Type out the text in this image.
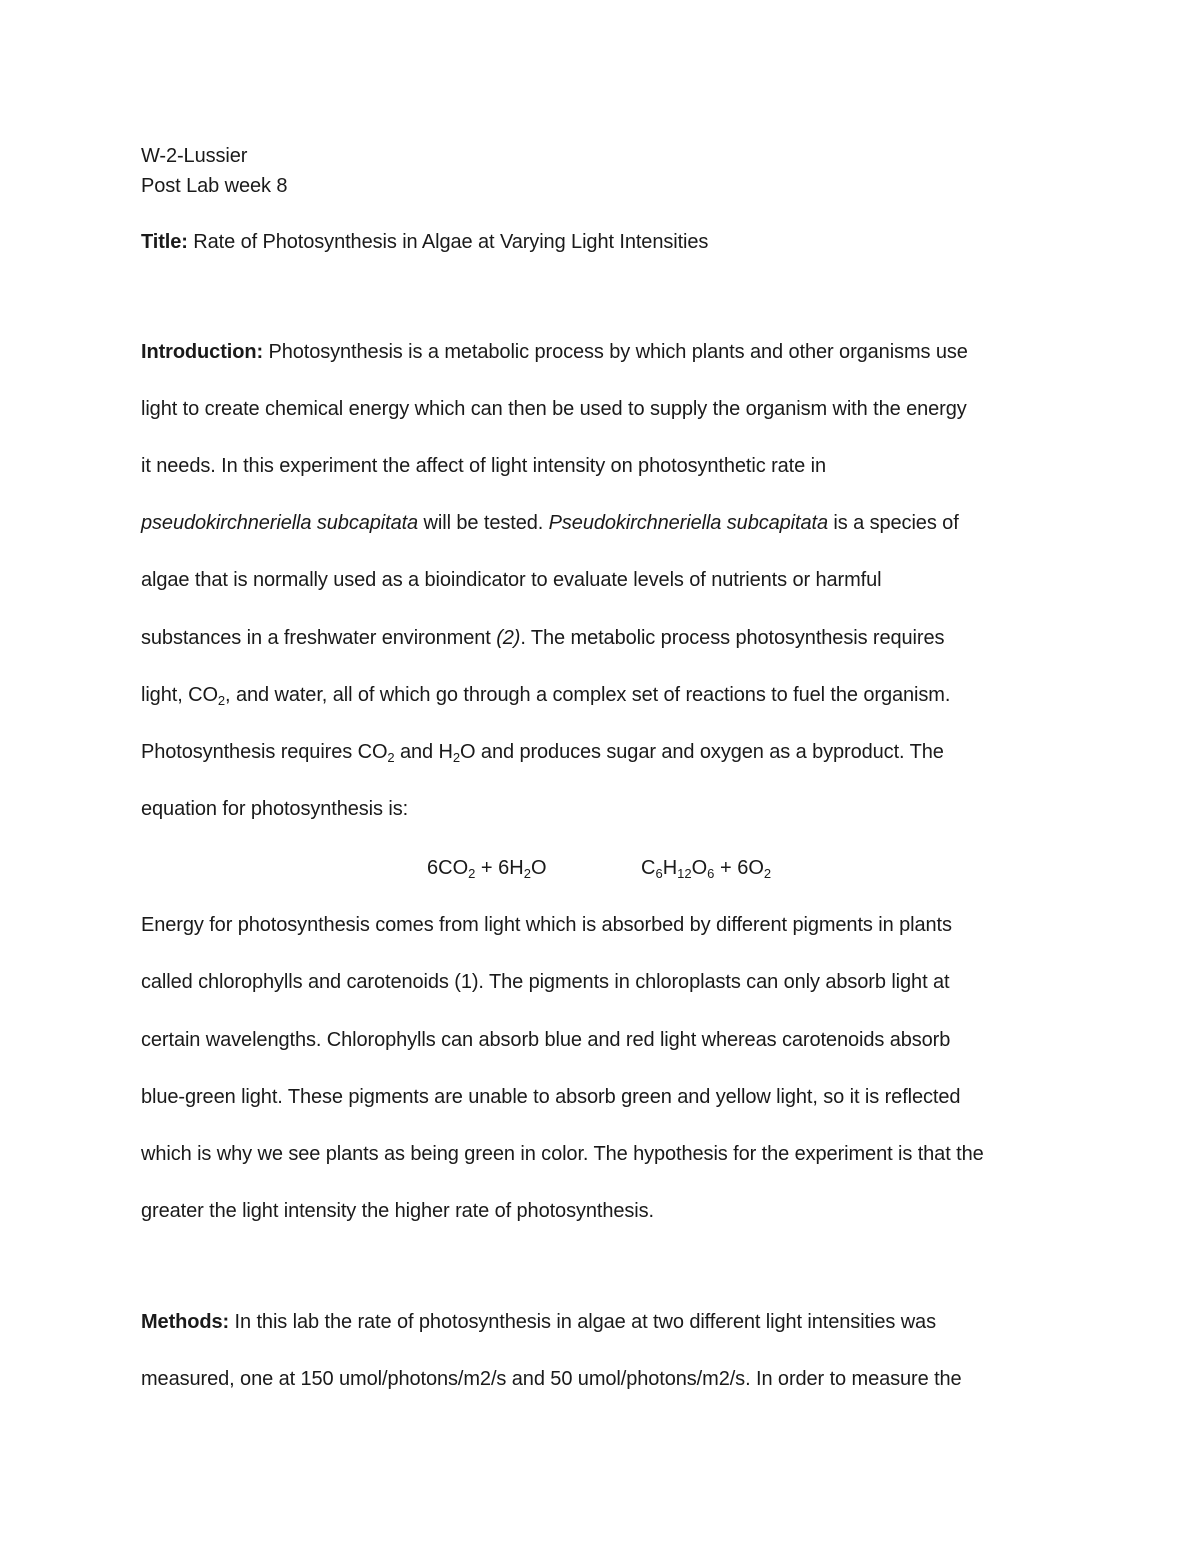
W-2-Lussier
Post Lab week 8
Title: Rate of Photosynthesis in Algae at Varying Light Intensities
Introduction: Photosynthesis is a metabolic process by which plants and other organisms use
light to create chemical energy which can then be used to supply the organism with the energy
it needs. In this experiment the affect of light intensity on photosynthetic rate in
pseudokirchneriella subcapitata will be tested. Pseudokirchneriella subcapitata is a species of
algae that is normally used as a bioindicator to evaluate levels of nutrients or harmful
substances in a freshwater environment (2). The metabolic process photosynthesis requires
light, $CO_2$, and water, all of which go through a complex set of reactions to fuel the organism.
Photosynthesis requires $CO_2$ and $H_2O$ and produces sugar and oxygen as a byproduct. The
equation for photosynthesis is:
$6CO_2 + 6H_2O$	$C_6H_{12}O_6 + 6O_2$
Energy for photosynthesis comes from light which is absorbed by different pigments in plants
called chlorophylls and carotenoids (1). The pigments in chloroplasts can only absorb light at
certain wavelengths. Chlorophylls can absorb blue and red light whereas carotenoids absorb
blue-green light. These pigments are unable to absorb green and yellow light, so it is reflected
which is why we see plants as being green in color. The hypothesis for the experiment is that the
greater the light intensity the higher rate of photosynthesis.
Methods: In this lab the rate of photosynthesis in algae at two different light intensities was
measured, one at 150 umol/photons/m2/s and 50 umol/photons/m2/s. In order to measure the
